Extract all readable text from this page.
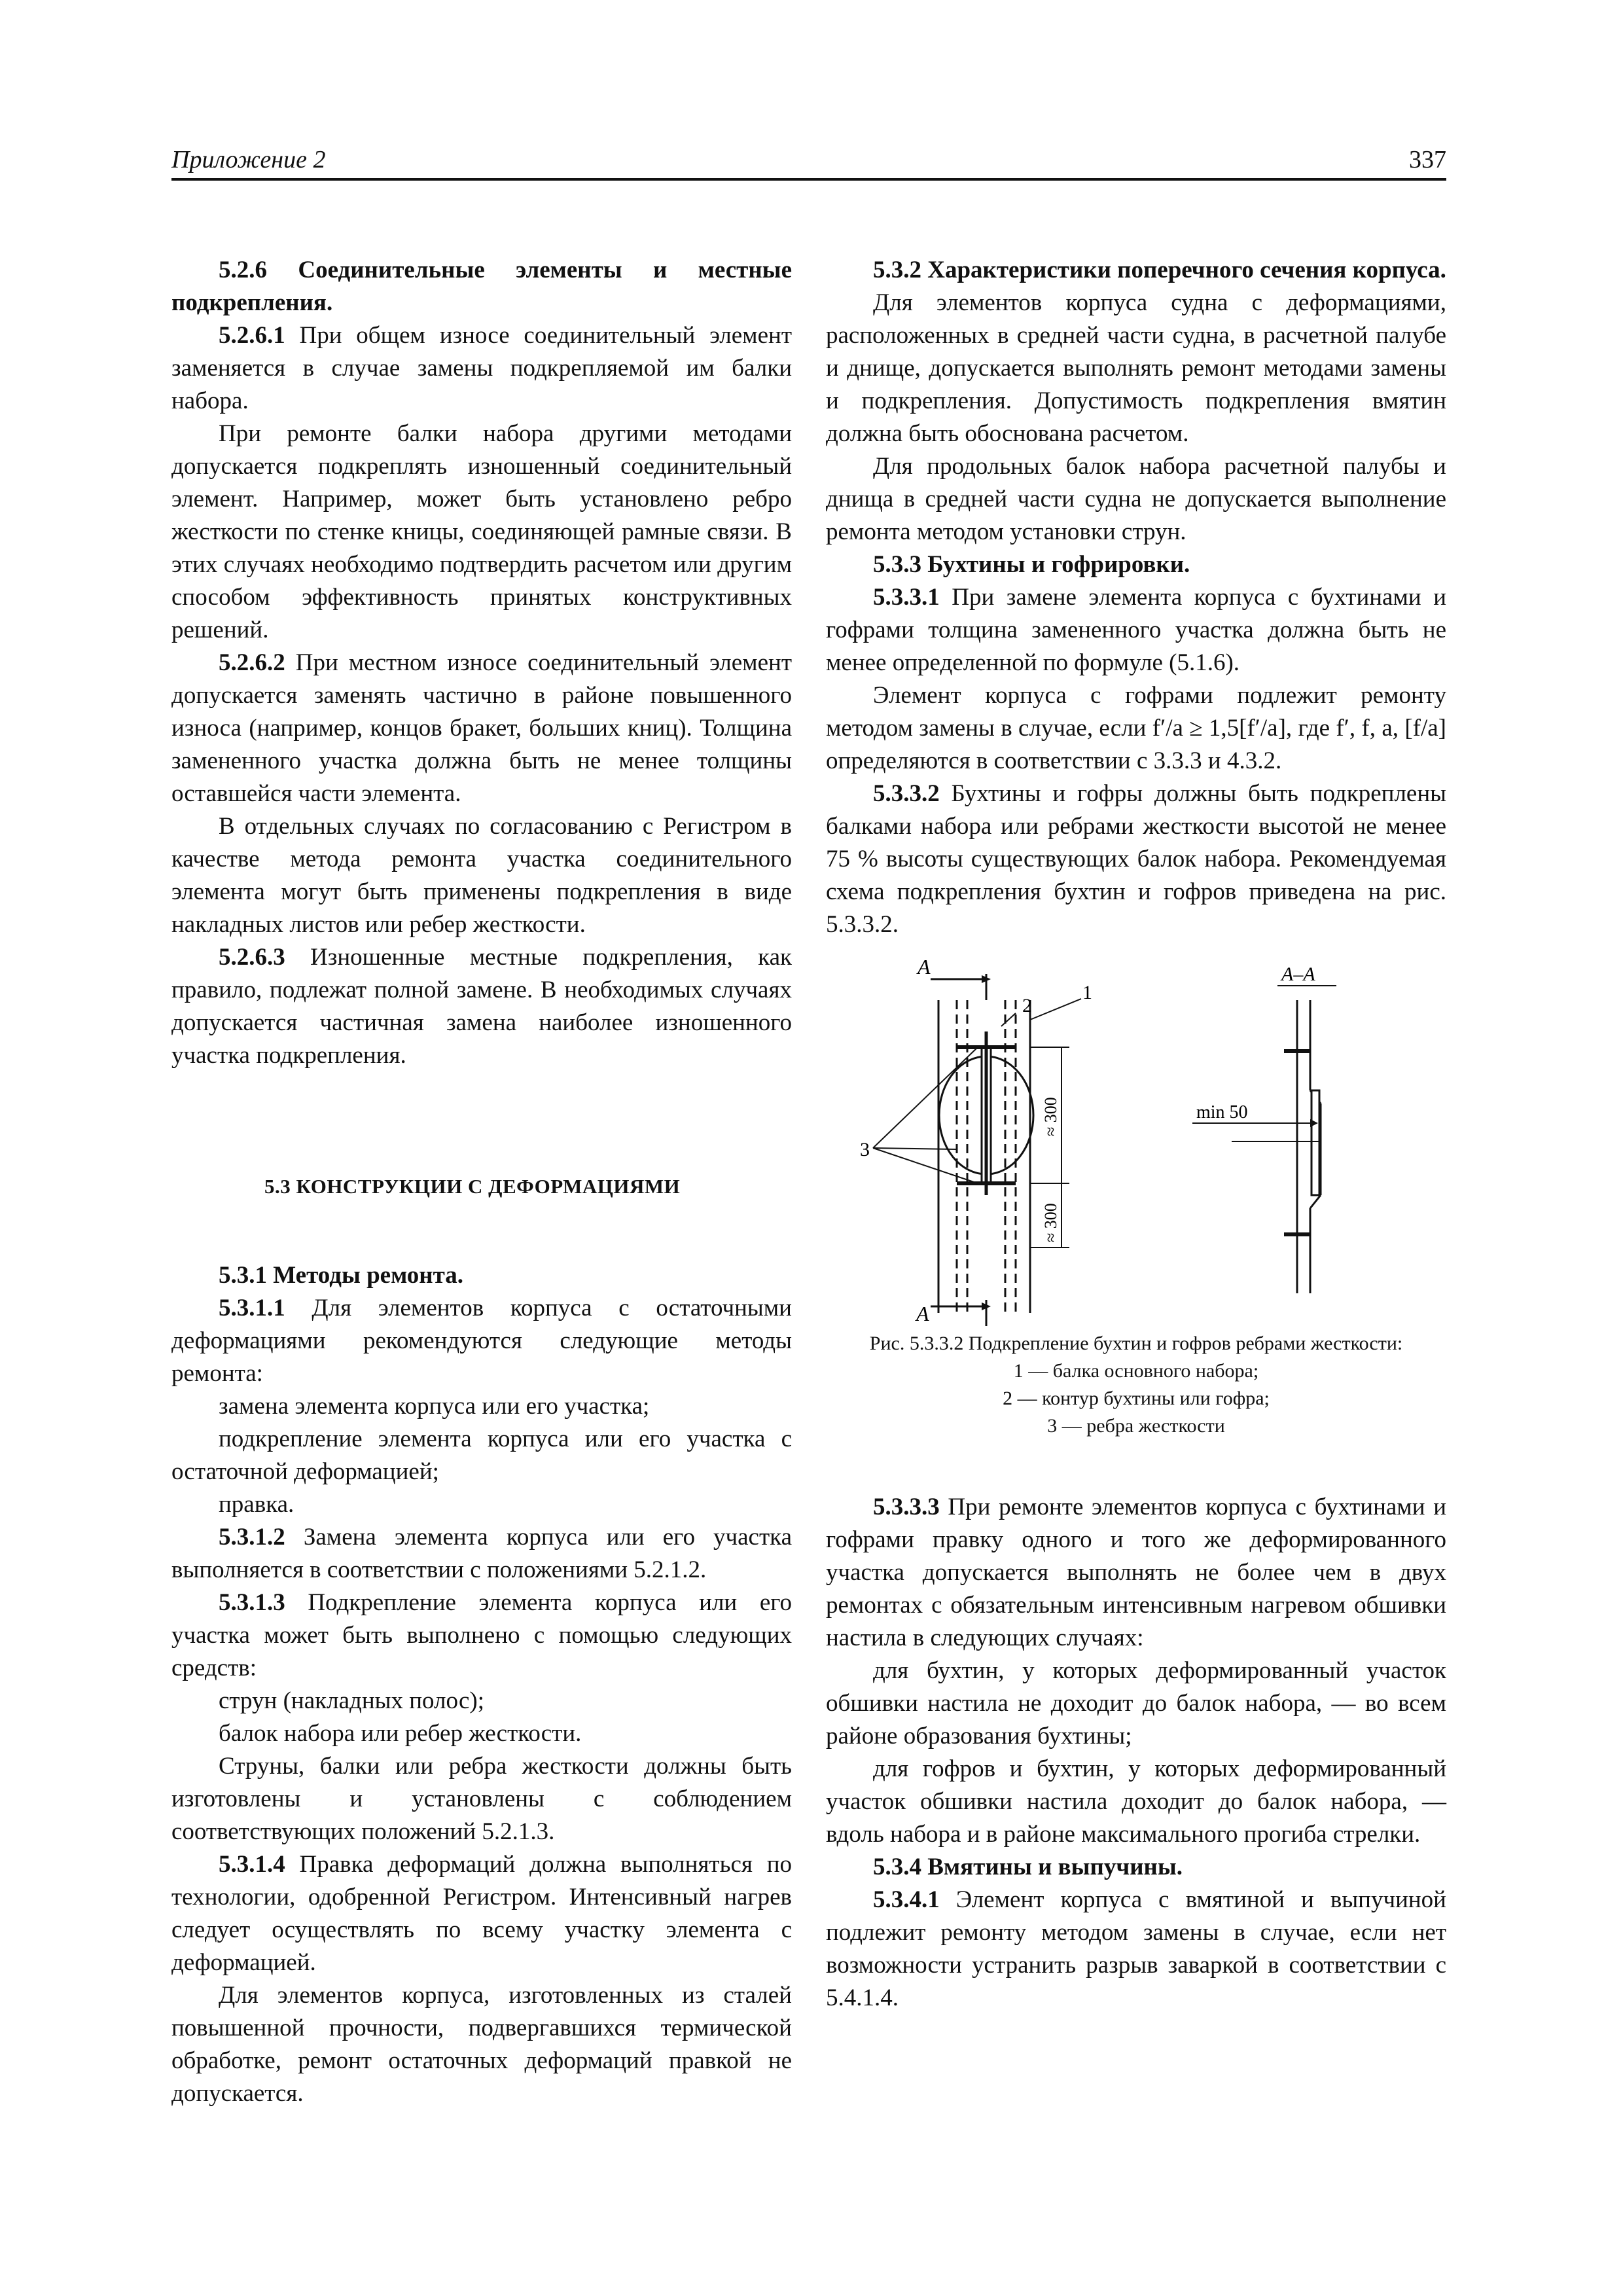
Приложение 2	337

5.2.6 Соединительные элементы и местные подкрепления.

5.2.6.1 При общем износе соединительный элемент заменяется в случае замены подкрепляемой им балки набора.

При ремонте балки набора другими методами допускается подкреплять изношенный соединительный элемент. Например, может быть установлено ребро жесткости по стенке кницы, соединяющей рамные связи. В этих случаях необходимо подтвердить расчетом или другим способом эффективность принятых конструктивных решений.

5.2.6.2 При местном износе соединительный элемент допускается заменять частично в районе повышенного износа (например, концов бракет, больших книц). Толщина замененного участка должна быть не менее толщины оставшейся части элемента.

В отдельных случаях по согласованию с Регистром в качестве метода ремонта участка соединительного элемента могут быть применены подкрепления в виде накладных листов или ребер жесткости.

5.2.6.3 Изношенные местные подкрепления, как правило, подлежат полной замене. В необходимых случаях допускается частичная замена наиболее изношенного участка подкрепления.

5.3 КОНСТРУКЦИИ С ДЕФОРМАЦИЯМИ

5.3.1 Методы ремонта.

5.3.1.1 Для элементов корпуса с остаточными деформациями рекомендуются следующие методы ремонта:

замена элемента корпуса или его участка;

подкрепление элемента корпуса или его участка с остаточной деформацией;

правка.

5.3.1.2 Замена элемента корпуса или его участка выполняется в соответствии с положениями 5.2.1.2.

5.3.1.3 Подкрепление элемента корпуса или его участка может быть выполнено с помощью следующих средств:

струн (накладных полос);

балок набора или ребер жесткости.

Струны, балки или ребра жесткости должны быть изготовлены и установлены с соблюдением соответствующих положений 5.2.1.3.

5.3.1.4 Правка деформаций должна выполняться по технологии, одобренной Регистром. Интенсивный нагрев следует осуществлять по всему участку элемента с деформацией.

Для элементов корпуса, изготовленных из сталей повышенной прочности, подвергавшихся термической обработке, ремонт остаточных деформаций правкой не допускается.

5.3.2 Характеристики поперечного сечения корпуса.

Для элементов корпуса судна с деформациями, расположенных в средней части судна, в расчетной палубе и днище, допускается выполнять ремонт методами замены и подкрепления. Допустимость подкрепления вмятин должна быть обоснована расчетом.

Для продольных балок набора расчетной палубы и днища в средней части судна не допускается выполнение ремонта методом установки струн.

5.3.3 Бухтины и гофрировки.

5.3.3.1 При замене элемента корпуса с бухтинами и гофрами толщина замененного участка должна быть не менее определенной по формуле (5.1.6).

Элемент корпуса с гофрами подлежит ремонту методом замены в случае, если f′/a ≥ 1,5[f′/a], где f′, f, a, [f/a] определяются в соответствии с 3.3.3 и 4.3.2.

5.3.3.2 Бухтины и гофры должны быть подкреплены балками набора или ребрами жесткости высотой не менее 75 % высоты существующих балок набора. Рекомендуемая схема подкрепления бухтин и гофров приведена на рис. 5.3.3.2.

A
A
A–A
1
2
3
≈ 300
≈ 300
min 50

Рис. 5.3.3.2 Подкрепление бухтин и гофров ребрами жесткости:

1 — балка основного набора;

2 — контур бухтины или гофра;

3 — ребра жесткости

5.3.3.3 При ремонте элементов корпуса с бухтинами и гофрами правку одного и того же деформированного участка допускается выполнять не более чем в двух ремонтах с обязательным интенсивным нагревом обшивки настила в следующих случаях:

для бухтин, у которых деформированный участок обшивки настила не доходит до балок набора, — во всем районе образования бухтины;

для гофров и бухтин, у которых деформированный участок обшивки настила доходит до балок набора, — вдоль набора и в районе максимального прогиба стрелки.

5.3.4 Вмятины и выпучины.

5.3.4.1 Элемент корпуса с вмятиной и выпучиной подлежит ремонту методом замены в случае, если нет возможности устранить разрыв заваркой в соответствии с 5.4.1.4.
